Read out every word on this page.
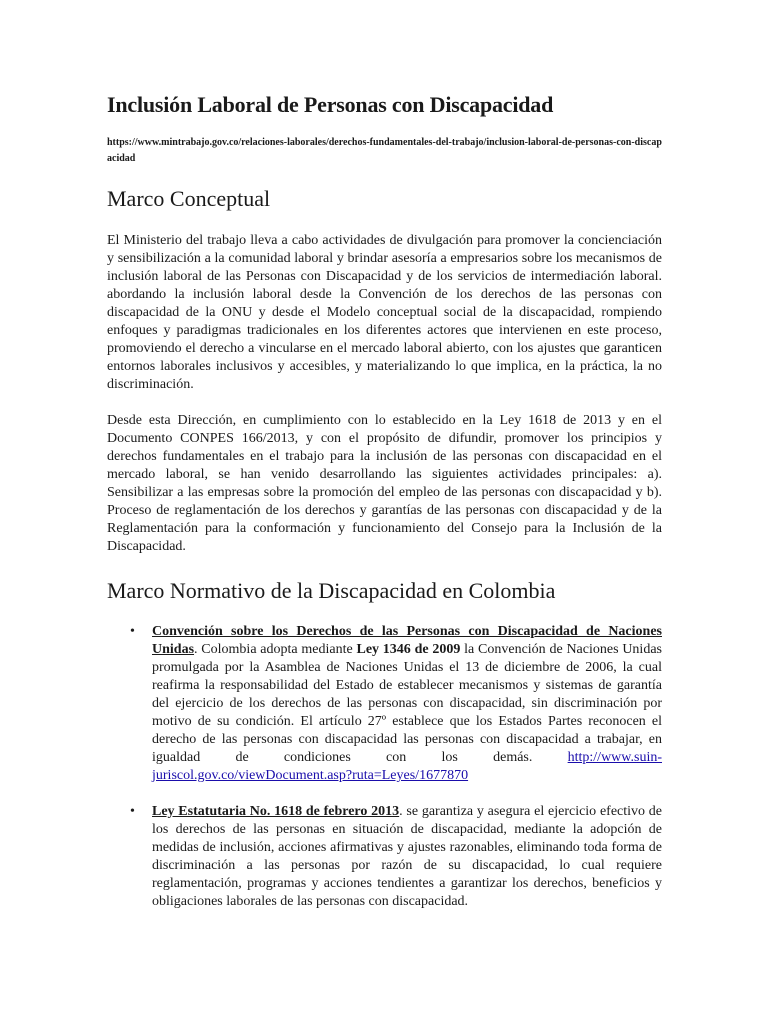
Inclusión Laboral de Personas con Discapacidad
https://www.mintrabajo.gov.co/relaciones-laborales/derechos-fundamentales-del-trabajo/inclusion-laboral-de-personas-con-discapacidad
Marco Conceptual

El Ministerio del trabajo lleva a cabo actividades de divulgación para promover la concienciación y sensibilización a la comunidad laboral y brindar asesoría a empresarios sobre los mecanismos de inclusión laboral de las Personas con Discapacidad y de los servicios de intermediación laboral. abordando la inclusión laboral desde la Convención de los derechos de las personas con discapacidad de la ONU y desde el Modelo conceptual social de la discapacidad, rompiendo enfoques y paradigmas tradicionales en los diferentes actores que intervienen en este proceso, promoviendo el derecho a vincularse en el mercado laboral abierto, con los ajustes que garanticen entornos laborales inclusivos y accesibles, y materializando lo que implica, en la práctica, la no discriminación.

Desde esta Dirección, en cumplimiento con lo establecido en la Ley 1618 de 2013 y en el Documento CONPES 166/2013, y con el propósito de difundir, promover los principios y derechos fundamentales en el trabajo para la inclusión de las personas con discapacidad en el mercado laboral, se han venido desarrollando las siguientes actividades principales: a). Sensibilizar a las empresas sobre la promoción del empleo de las personas con discapacidad y b). Proceso de reglamentación de los derechos y garantías de las personas con discapacidad y de la Reglamentación para la conformación y funcionamiento del Consejo para la Inclusión de la Discapacidad.

Marco Normativo de la Discapacidad en Colombia
• Convención sobre los Derechos de las Personas con Discapacidad de Naciones Unidas. Colombia adopta mediante Ley 1346 de 2009 la Convención de Naciones Unidas promulgada por la Asamblea de Naciones Unidas el 13 de diciembre de 2006, la cual reafirma la responsabilidad del Estado de establecer mecanismos y sistemas de garantía del ejercicio de los derechos de las personas con discapacidad, sin discriminación por motivo de su condición. El artículo 27º establece que los Estados Partes reconocen el derecho de las personas con discapacidad las personas con discapacidad a trabajar, en igualdad de condiciones con los demás. http://www.suin-juriscol.gov.co/viewDocument.asp?ruta=Leyes/1677870
• Ley Estatutaria No. 1618 de febrero 2013. se garantiza y asegura el ejercicio efectivo de los derechos de las personas en situación de discapacidad, mediante la adopción de medidas de inclusión, acciones afirmativas y ajustes razonables, eliminando toda forma de discriminación a las personas por razón de su discapacidad, lo cual requiere reglamentación, programas y acciones tendientes a garantizar los derechos, beneficios y obligaciones laborales de las personas con discapacidad.
